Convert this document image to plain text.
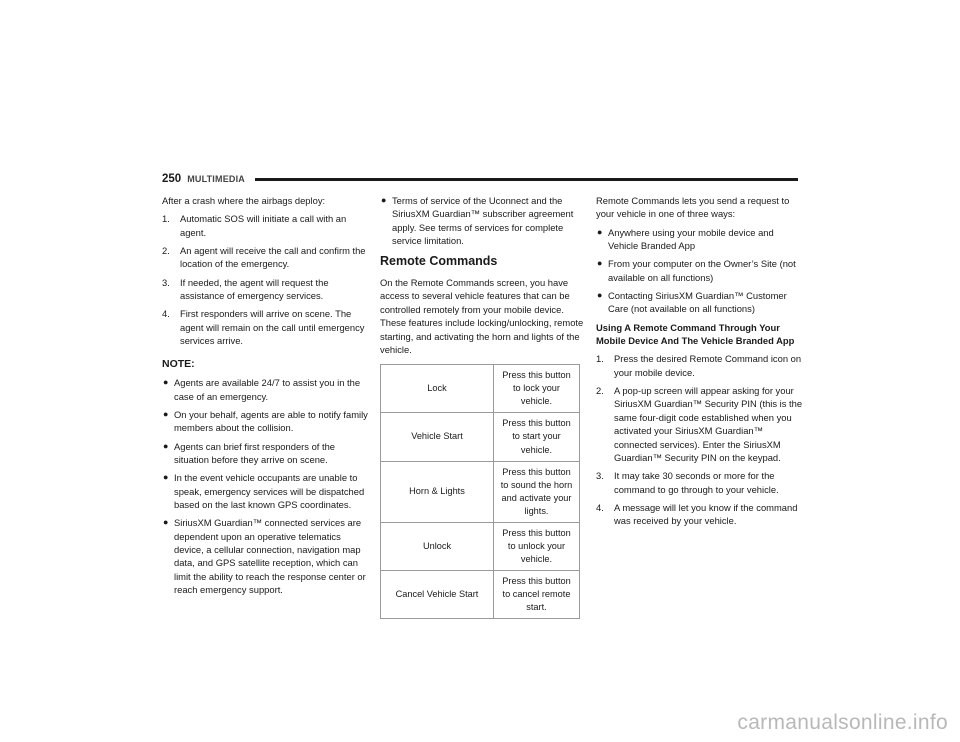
250 MULTIMEDIA

After a crash where the airbags deploy:

1. Automatic SOS will initiate a call with an agent.
2. An agent will receive the call and confirm the location of the emergency.
3. If needed, the agent will request the assistance of emergency services.
4. First responders will arrive on scene. The agent will remain on the call until emergency services arrive.
NOTE:
● Agents are available 24/7 to assist you in the case of an emergency.
● On your behalf, agents are able to notify family members about the collision.
● Agents can brief first responders of the situation before they arrive on scene.
● In the event vehicle occupants are unable to speak, emergency services will be dispatched based on the last known GPS coordinates.
● SiriusXM Guardian™ connected services are dependent upon an operative telematics device, a cellular connection, navigation map data, and GPS satellite reception, which can limit the ability to reach the response center or reach emergency support.
● Terms of service of the Uconnect and the SiriusXM Guardian™ subscriber agreement apply. See terms of services for complete service limitation.
Remote Commands

On the Remote Commands screen, you have access to several vehicle features that can be controlled remotely from your mobile device. These features include locking/unlocking, remote starting, and activating the horn and lights of the vehicle.

Lock	Press this button to lock your vehicle.
Vehicle Start	Press this button to start your vehicle.
Horn & Lights	Press this button to sound the horn and activate your lights.
Unlock	Press this button to unlock your vehicle.
Cancel Vehicle Start	Press this button to cancel remote start.

Remote Commands lets you send a request to your vehicle in one of three ways:

● Anywhere using your mobile device and Vehicle Branded App
● From your computer on the Owner’s Site (not available on all functions)
● Contacting SiriusXM Guardian™ Customer Care (not available on all functions)
Using A Remote Command Through Your Mobile Device And The Vehicle Branded App
1. Press the desired Remote Command icon on your mobile device.
2. A pop-up screen will appear asking for your SiriusXM Guardian™ Security PIN (this is the same four-digit code established when you activated your SiriusXM Guardian™ connected services). Enter the SiriusXM Guardian™ Security PIN on the keypad.
3. It may take 30 seconds or more for the command to go through to your vehicle.
4. A message will let you know if the command was received by your vehicle.
carmanualsonline.info
